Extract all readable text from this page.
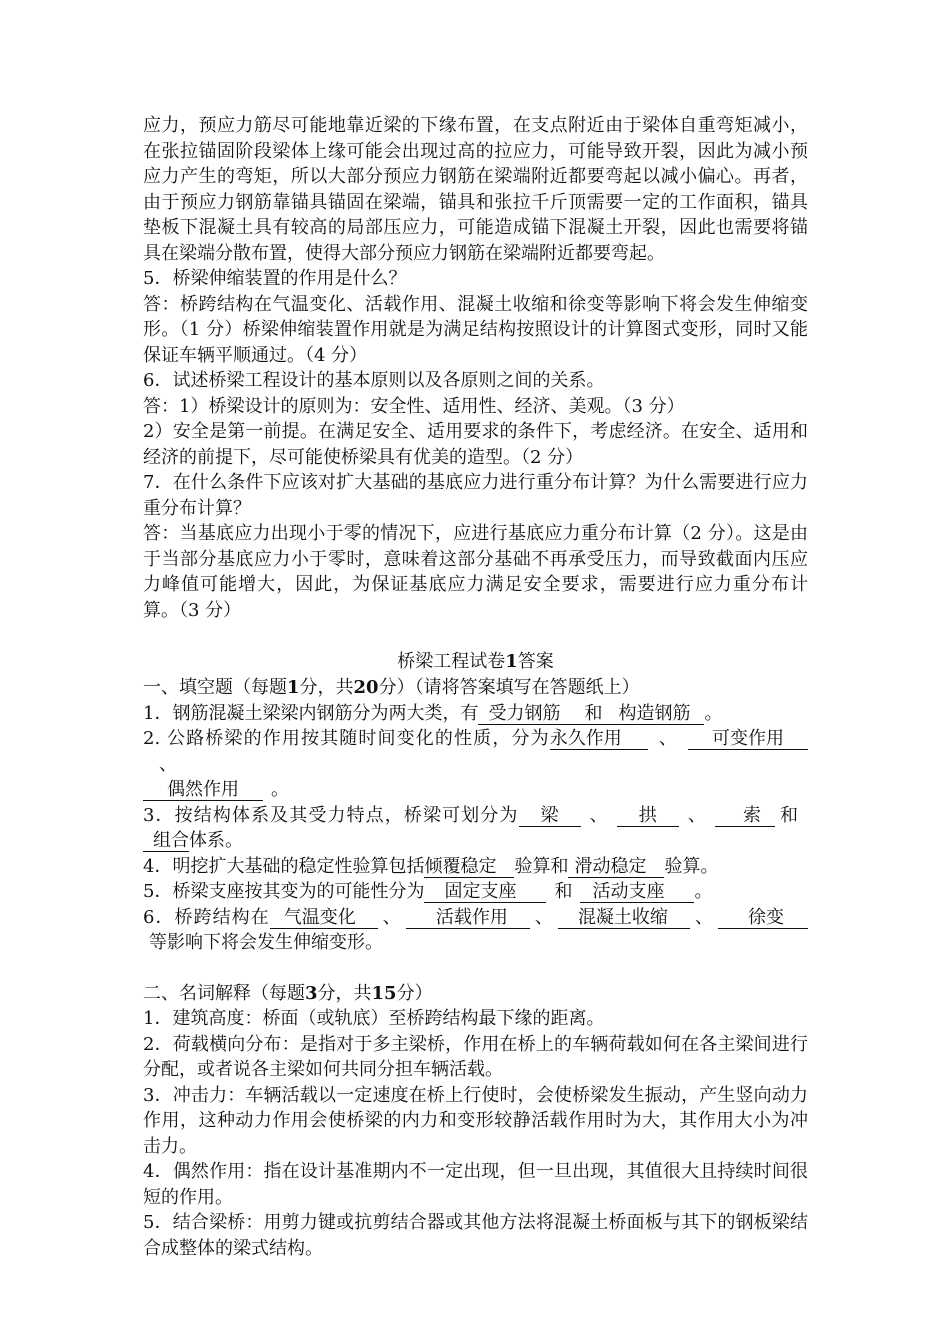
应力，预应力筋尽可能地靠近梁的下缘布置，在支点附近由于梁体自重弯矩减小，在张拉锚固阶段梁体上缘可能会出现过高的拉应力，可能导致开裂，因此为减小预应力产生的弯矩，所以大部分预应力钢筋在梁端附近都要弯起以减小偏心。再者，由于预应力钢筋靠锚具锚固在梁端，锚具和张拉千斤顶需要一定的工作面积，锚具垫板下混凝土具有较高的局部压应力，可能造成锚下混凝土开裂，因此也需要将锚具在梁端分散布置，使得大部分预应力钢筋在梁端附近都要弯起。

5．桥梁伸缩装置的作用是什么？

答：桥跨结构在气温变化、活载作用、混凝土收缩和徐变等影响下将会发生伸缩变形。（1 分）桥梁伸缩装置作用就是为满足结构按照设计的计算图式变形，同时又能保证车辆平顺通过。（4 分）

6．试述桥梁工程设计的基本原则以及各原则之间的关系。

答：1）桥梁设计的原则为：安全性、适用性、经济、美观。（3 分）

2）安全是第一前提。在满足安全、适用要求的条件下，考虑经济。在安全、适用和经济的前提下，尽可能使桥梁具有优美的造型。（2 分）

7．在什么条件下应该对扩大基础的基底应力进行重分布计算？为什么需要进行应力重分布计算？

答：当基底应力出现小于零的情况下，应进行基底应力重分布计算（2 分）。这是由于当部分基底应力小于零时，意味着这部分基础不再承受压力，而导致截面内压应力峰值可能增大，因此，为保证基底应力满足安全要求，需要进行应力重分布计算。（3 分）

桥梁工程试卷1答案

一、填空题（每题1分，共20分）（请将答案填写在答题纸上）

1．钢筋混凝土梁梁内钢筋分为两大类，有 受力钢筋 和 构造钢筋 。

2. 公路桥梁的作用按其随时间变化的性质，分为永久作用 、 可变作用、
偶然作用 。

3．按结构体系及其受力特点，桥梁可划分为 梁 、 拱 、 索 和组合体系。

4．明挖扩大基础的稳定性验算包括倾覆稳定 验算和 滑动稳定 验算。

5．桥梁支座按其变为的可能性分为 固定支座 和 活动支座 。

6．桥跨结构在 气温变化 、 活载作用 、 混凝土收缩 、 徐变等影响下将会发生伸缩变形。

二、名词解释（每题3分，共15分）

1．建筑高度：桥面（或轨底）至桥跨结构最下缘的距离。

2．荷载横向分布：是指对于多主梁桥，作用在桥上的车辆荷载如何在各主梁间进行分配，或者说各主梁如何共同分担车辆活载。

3．冲击力：车辆活载以一定速度在桥上行使时，会使桥梁发生振动，产生竖向动力作用，这种动力作用会使桥梁的内力和变形较静活载作用时为大，其作用大小为冲击力。

4．偶然作用：指在设计基准期内不一定出现，但一旦出现，其值很大且持续时间很短的作用。

5．结合梁桥：用剪力键或抗剪结合器或其他方法将混凝土桥面板与其下的钢板梁结合成整体的梁式结构。
